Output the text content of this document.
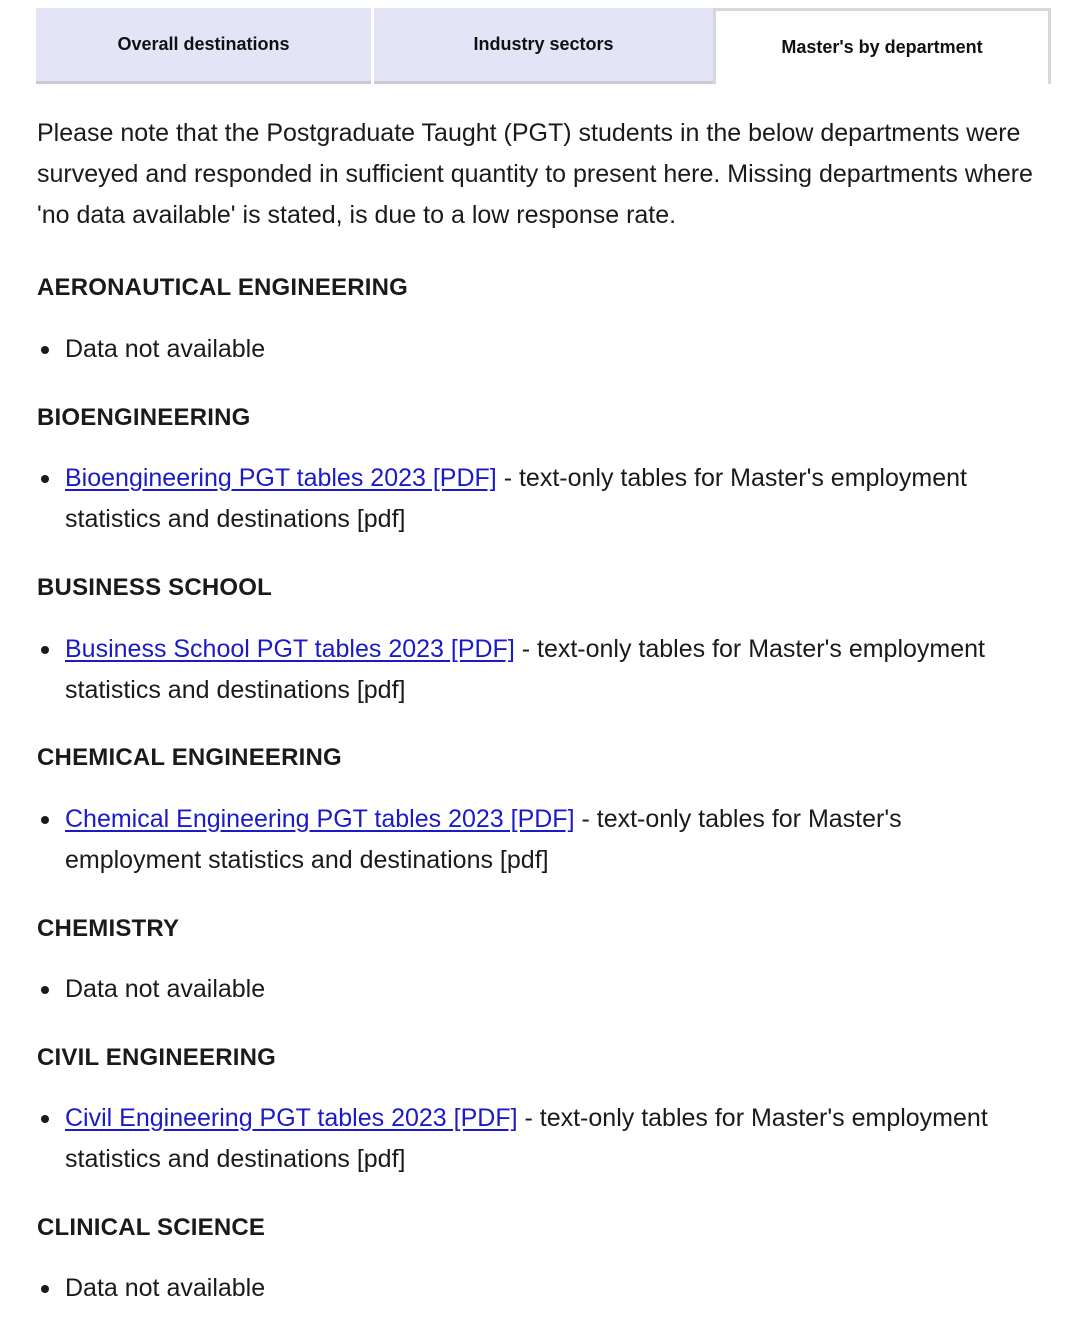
Overall destinations	Industry sectors	Master's by department

Please note that the Postgraduate Taught (PGT) students in the below departments were surveyed and responded in sufficient quantity to present here. Missing departments where 'no data available' is stated, is due to a low response rate.

AERONAUTICAL ENGINEERING
Data not available
BIOENGINEERING
Bioengineering PGT tables 2023 [PDF] - text-only tables for Master's employment statistics and destinations [pdf]
BUSINESS SCHOOL
Business School PGT tables 2023 [PDF] - text-only tables for Master's employment statistics and destinations [pdf]
CHEMICAL ENGINEERING
Chemical Engineering PGT tables 2023 [PDF] - text-only tables for Master's employment statistics and destinations [pdf]
CHEMISTRY
Data not available
CIVIL ENGINEERING
Civil Engineering PGT tables 2023 [PDF] - text-only tables for Master's employment statistics and destinations [pdf]
CLINICAL SCIENCE
Data not available
